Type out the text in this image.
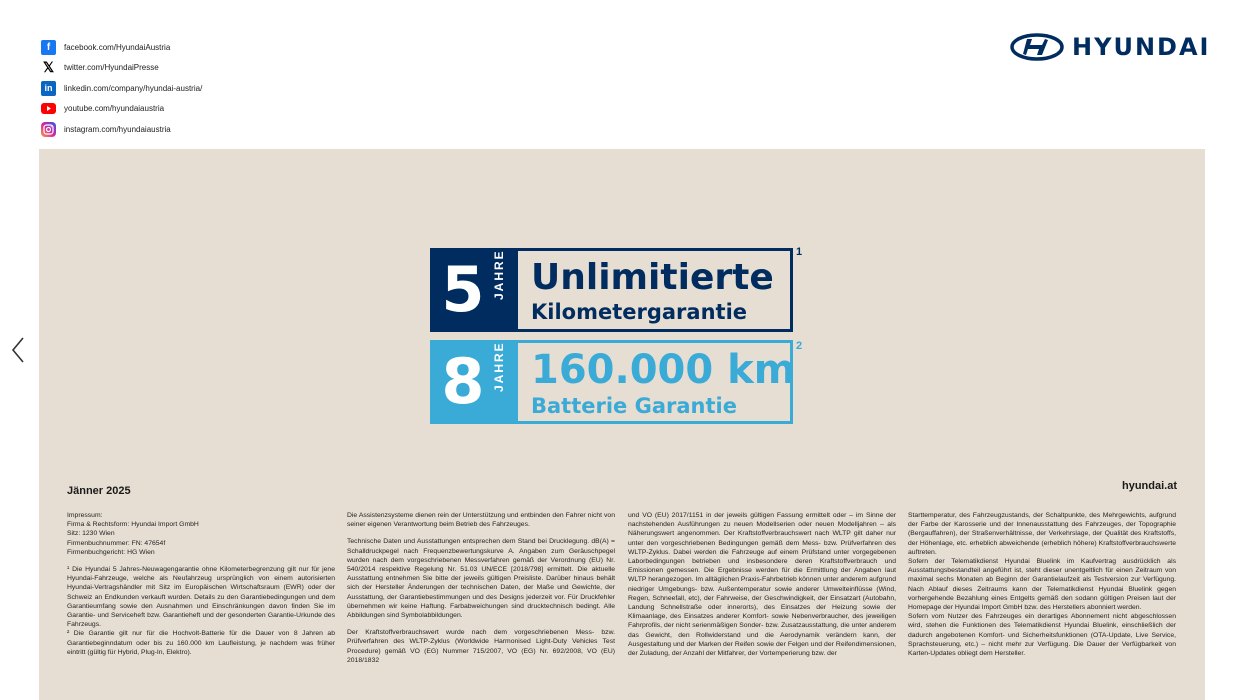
f	facebook.com/HyundaiAustria
𝕏 twitter.com/HyundaiPresse
in	linkedin.com/company/hyundai-austria/
youtube.com/hyundaiaustria
instagram.com/hyundaiaustria
HYUNDAI
5 JAHRE Unlimitierte
Kilometergarantie
1
8 JAHRE 160.000 km
Batterie Garantie
2
Jänner 2025	hyundai.at

Impressum:

Firma & Rechtsform: Hyundai Import GmbH

Sitz: 1230 Wien

Firmenbuchnummer: FN: 47654f

Firmenbuchgericht: HG Wien

¹ Die Hyundai 5 Jahres-Neuwagengarantie ohne Kilometerbegrenzung gilt nur für jene Hyundai-Fahrzeuge, welche als Neufahrzeug ursprünglich von einem autorisierten Hyundai-Vertragshändler mit Sitz im Europäischen Wirtschaftsraum (EWR) oder der Schweiz an Endkunden verkauft wurden. Details zu den Garantiebedingungen und dem Garantieumfang sowie den Ausnahmen und Einschränkungen davon finden Sie im Garantie- und Serviceheft bzw. Garantieheft und der gesonderten Garantie-Urkunde des Fahrzeugs.

² Die Garantie gilt nur für die Hochvolt-Batterie für die Dauer von 8 Jahren ab Garantiebeginndatum oder bis zu 160.000 km Laufleistung, je nachdem was früher eintritt (gültig für Hybrid, Plug-In, Elektro).

Die Assistenzsysteme dienen rein der Unterstützung und entbinden den Fahrer nicht von seiner eigenen Verantwortung beim Betrieb des Fahrzeuges.

Technische Daten und Ausstattungen entsprechen dem Stand bei Drucklegung. dB(A) = Schalldruckpegel nach Frequenzbewertungskurve A. Angaben zum Geräuschpegel wurden nach dem vorgeschriebenen Messverfahren gemäß der Verordnung (EU) Nr. 540/2014 respektive Regelung Nr. 51.03 UN/ECE [2018/798] ermittelt. Die aktuelle Ausstattung entnehmen Sie bitte der jeweils gültigen Preisliste. Darüber hinaus behält sich der Hersteller Änderungen der technischen Daten, der Maße und Gewichte, der Ausstattung, der Garantiebestimmungen und des Designs jederzeit vor. Für Druckfehler übernehmen wir keine Haftung. Farbabweichungen sind drucktechnisch bedingt. Alle Abbildungen sind Symbolabbildungen.

Der Kraftstoffverbrauchswert wurde nach dem vorgeschriebenen Mess- bzw. Prüfverfahren des WLTP-Zyklus (Worldwide Harmonised Light-Duty Vehicles Test Procedure) gemäß VO (EG) Nummer 715/2007, VO (EG) Nr. 692/2008, VO (EU) 2018/1832

und VO (EU) 2017/1151 in der jeweils gültigen Fassung ermittelt oder – im Sinne der nachstehenden Ausführungen zu neuen Modellserien oder neuen Modelljahren – als Näherungswert angenommen. Der Kraftstoffverbrauchswert nach WLTP gilt daher nur unter den vorgeschriebenen Bedingungen gemäß dem Mess- bzw. Prüfverfahren des WLTP-Zyklus. Dabei werden die Fahrzeuge auf einem Prüfstand unter vorgegebenen Laborbedingungen betrieben und insbesondere deren Kraftstoffverbrauch und Emissionen gemessen. Die Ergebnisse werden für die Ermittlung der Angaben laut WLTP herangezogen. Im alltäglichen Praxis-Fahrbetrieb können unter anderem aufgrund niedriger Umgebungs- bzw. Außentemperatur sowie anderer Umwelteinflüsse (Wind, Regen, Schneefall, etc), der Fahrweise, der Geschwindigkeit, der Einsatzart (Autobahn, Landung Schnellstraße oder innerorts), des Einsatzes der Heizung sowie der Klimaanlage, des Einsatzes anderer Komfort- sowie Nebenverbraucher, des jeweiligen Fahrprofils, der nicht serienmäßigen Sonder- bzw. Zusatzausstattung, die unter anderem das Gewicht, den Rollwiderstand und die Aerodynamik verändern kann, der Ausgestaltung und der Marken der Reifen sowie der Felgen und der Reifendimensionen, der Zuladung, der Anzahl der Mitfahrer, der Vortemperierung bzw. der

Starttemperatur, des Fahrzeugzustands, der Schaltpunkte, des Mehrgewichts, aufgrund der Farbe der Karosserie und der Innenausstattung des Fahrzeuges, der Topographie (Bergauffahren), der Straßenverhältnisse, der Verkehrslage, der Qualität des Kraftstoffs, der Höhenlage, etc. erheblich abweichende (erheblich höhere) Kraftstoffverbrauchswerte auftreten.

Sofern der Telematikdienst Hyundai Bluelink im Kaufvertrag ausdrücklich als Ausstattungsbestandteil angeführt ist, steht dieser unentgeltlich für einen Zeitraum von maximal sechs Monaten ab Beginn der Garantielaufzeit als Testversion zur Verfügung. Nach Ablauf dieses Zeitraums kann der Telematikdienst Hyundai Bluelink gegen vorhergehende Bezahlung eines Entgelts gemäß den sodann gültigen Preisen laut der Homepage der Hyundai Import GmbH bzw. des Herstellers abonniert werden.

Sofern vom Nutzer des Fahrzeuges ein derartiges Abonnement nicht abgeschlossen wird, stehen die Funktionen des Telematikdienst Hyundai Bluelink, einschließlich der dadurch angebotenen Komfort- und Sicherheitsfunktionen (OTA-Update, Live Service, Sprachsteuerung, etc.) – nicht mehr zur Verfügung. Die Dauer der Verfügbarkeit von Karten-Updates obliegt dem Hersteller.
